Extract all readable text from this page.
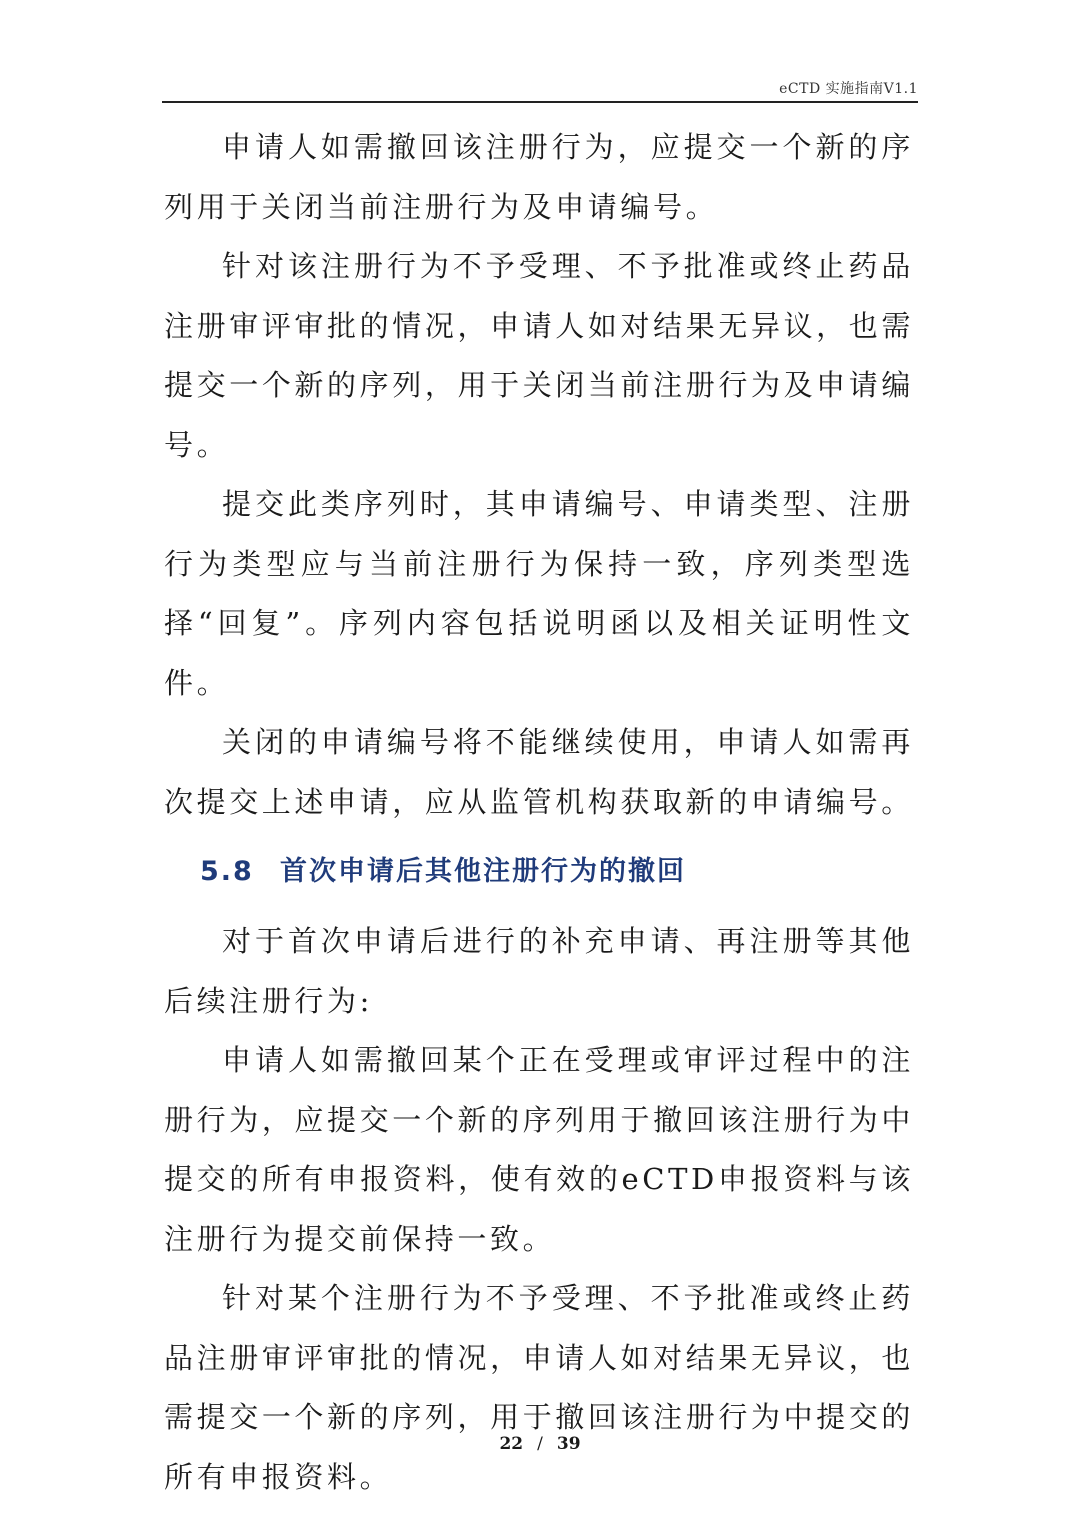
eCTD 实施指南V1.1

申请人如需撤回该注册行为，应提交一个新的序列用于关闭当前注册行为及申请编号。

针对该注册行为不予受理、不予批准或终止药品注册审评审批的情况，申请人如对结果无异议，也需提交一个新的序列，用于关闭当前注册行为及申请编号。

提交此类序列时，其申请编号、申请类型、注册行为类型应与当前注册行为保持一致，序列类型选择“回复”。序列内容包括说明函以及相关证明性文件。

关闭的申请编号将不能继续使用，申请人如需再次提交上述申请，应从监管机构获取新的申请编号。

5.8 首次申请后其他注册行为的撤回

对于首次申请后进行的补充申请、再注册等其他后续注册行为:

申请人如需撤回某个正在受理或审评过程中的注册行为，应提交一个新的序列用于撤回该注册行为中提交的所有申报资料，使有效的eCTD申报资料与该注册行为提交前保持一致。

针对某个注册行为不予受理、不予批准或终止药品注册审评审批的情况，申请人如对结果无异议，也需提交一个新的序列，用于撤回该注册行为中提交的所有申报资料。

22 / 39
